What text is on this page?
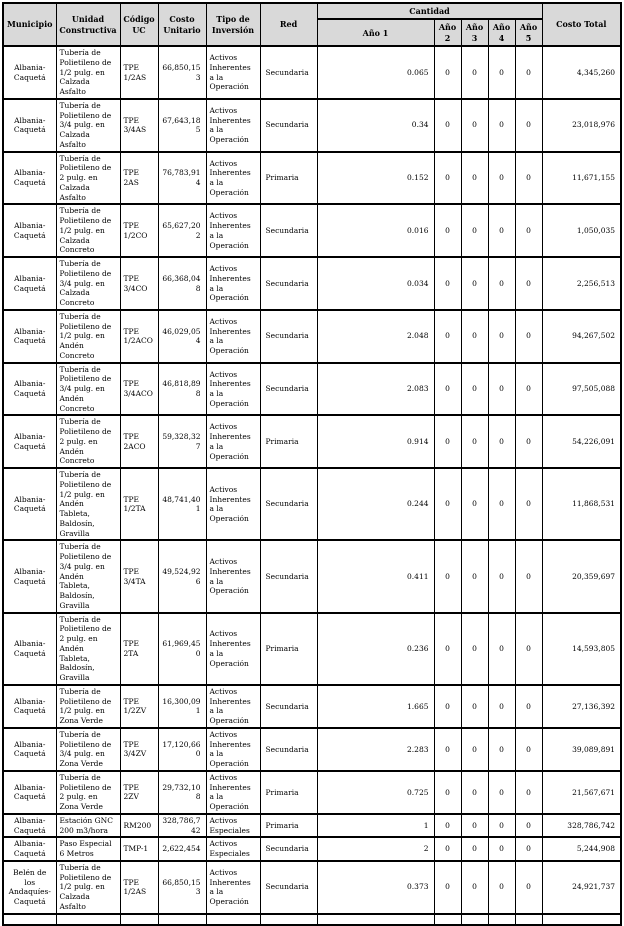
Municipio	Unidad Constructiva	Código UC	Costo Unitario	Tipo de Inversión	Red	Cantidad					Costo Total
						Año 1	Año 2	Año 3	Año 4	Año 5	
Albania-Caquetá	Tubería de Polietileno de 1/2 pulg. en Calzada Asfalto	TPE 1/2AS	66,850,153	Activos Inherentes a la Operación	Secundaria	0.065	0	0	0	0	4,345,260
Albania-Caquetá	Tubería de Polietileno de 3/4 pulg. en Calzada Asfalto	TPE 3/4AS	67,643,185	Activos Inherentes a la Operación	Secundaria	0.34	0	0	0	0	23,018,976
Albania-Caquetá	Tubería de Polietileno de 2 pulg. en Calzada Asfalto	TPE 2AS	76,783,914	Activos Inherentes a la Operación	Primaria	0.152	0	0	0	0	11,671,155
Albania-Caquetá	Tubería de Polietileno de 1/2 pulg. en Calzada Concreto	TPE 1/2CO	65,627,202	Activos Inherentes a la Operación	Secundaria	0.016	0	0	0	0	1,050,035
Albania-Caquetá	Tubería de Polietileno de 3/4 pulg. en Calzada Concreto	TPE 3/4CO	66,368,048	Activos Inherentes a la Operación	Secundaria	0.034	0	0	0	0	2,256,513
Albania-Caquetá	Tubería de Polietileno de 1/2 pulg. en Andén Concreto	TPE 1/2ACO	46,029,054	Activos Inherentes a la Operación	Secundaria	2.048	0	0	0	0	94,267,502
Albania-Caquetá	Tubería de Polietileno de 3/4 pulg. en Andén Concreto	TPE 3/4ACO	46,818,898	Activos Inherentes a la Operación	Secundaria	2.083	0	0	0	0	97,505,088
Albania-Caquetá	Tubería de Polietileno de 2 pulg. en Andén Concreto	TPE 2ACO	59,328,327	Activos Inherentes a la Operación	Primaria	0.914	0	0	0	0	54,226,091
Albania-Caquetá	Tubería de Polietileno de 1/2 pulg. en Andén Tableta, Baldosín, Gravilla	TPE 1/2TA	48,741,401	Activos Inherentes a la Operación	Secundaria	0.244	0	0	0	0	11,868,531
Albania-Caquetá	Tubería de Polietileno de 3/4 pulg. en Andén Tableta, Baldosín, Gravilla	TPE 3/4TA	49,524,926	Activos Inherentes a la Operación	Secundaria	0.411	0	0	0	0	20,359,697
Albania-Caquetá	Tubería de Polietileno de 2 pulg. en Andén Tableta, Baldosín, Gravilla	TPE 2TA	61,969,450	Activos Inherentes a la Operación	Primaria	0.236	0	0	0	0	14,593,805
Albania-Caquetá	Tubería de Polietileno de 1/2 pulg. en Zona Verde	TPE 1/2ZV	16,300,091	Activos Inherentes a la Operación	Secundaria	1.665	0	0	0	0	27,136,392
Albania-Caquetá	Tubería de Polietileno de 3/4 pulg. en Zona Verde	TPE 3/4ZV	17,120,660	Activos Inherentes a la Operación	Secundaria	2.283	0	0	0	0	39,089,891
Albania-Caquetá	Tubería de Polietileno de 2 pulg. en Zona Verde	TPE 2ZV	29,732,108	Activos Inherentes a la Operación	Primaria	0.725	0	0	0	0	21,567,671
Albania-Caquetá	Estación GNC 200 m3/hora	RM200	328,786,742	Activos Especiales	Primaria	1	0	0	0	0	328,786,742
Albania-Caquetá	Paso Especial 6 Metros	TMP-1	2,622,454	Activos Especiales	Secundaria	2	0	0	0	0	5,244,908
Belén de los Andaquíes-Caquetá	Tubería de Polietileno de 1/2 pulg. en Calzada Asfalto	TPE 1/2AS	66,850,153	Activos Inherentes a la Operación	Secundaria	0.373	0	0	0	0	24,921,737
